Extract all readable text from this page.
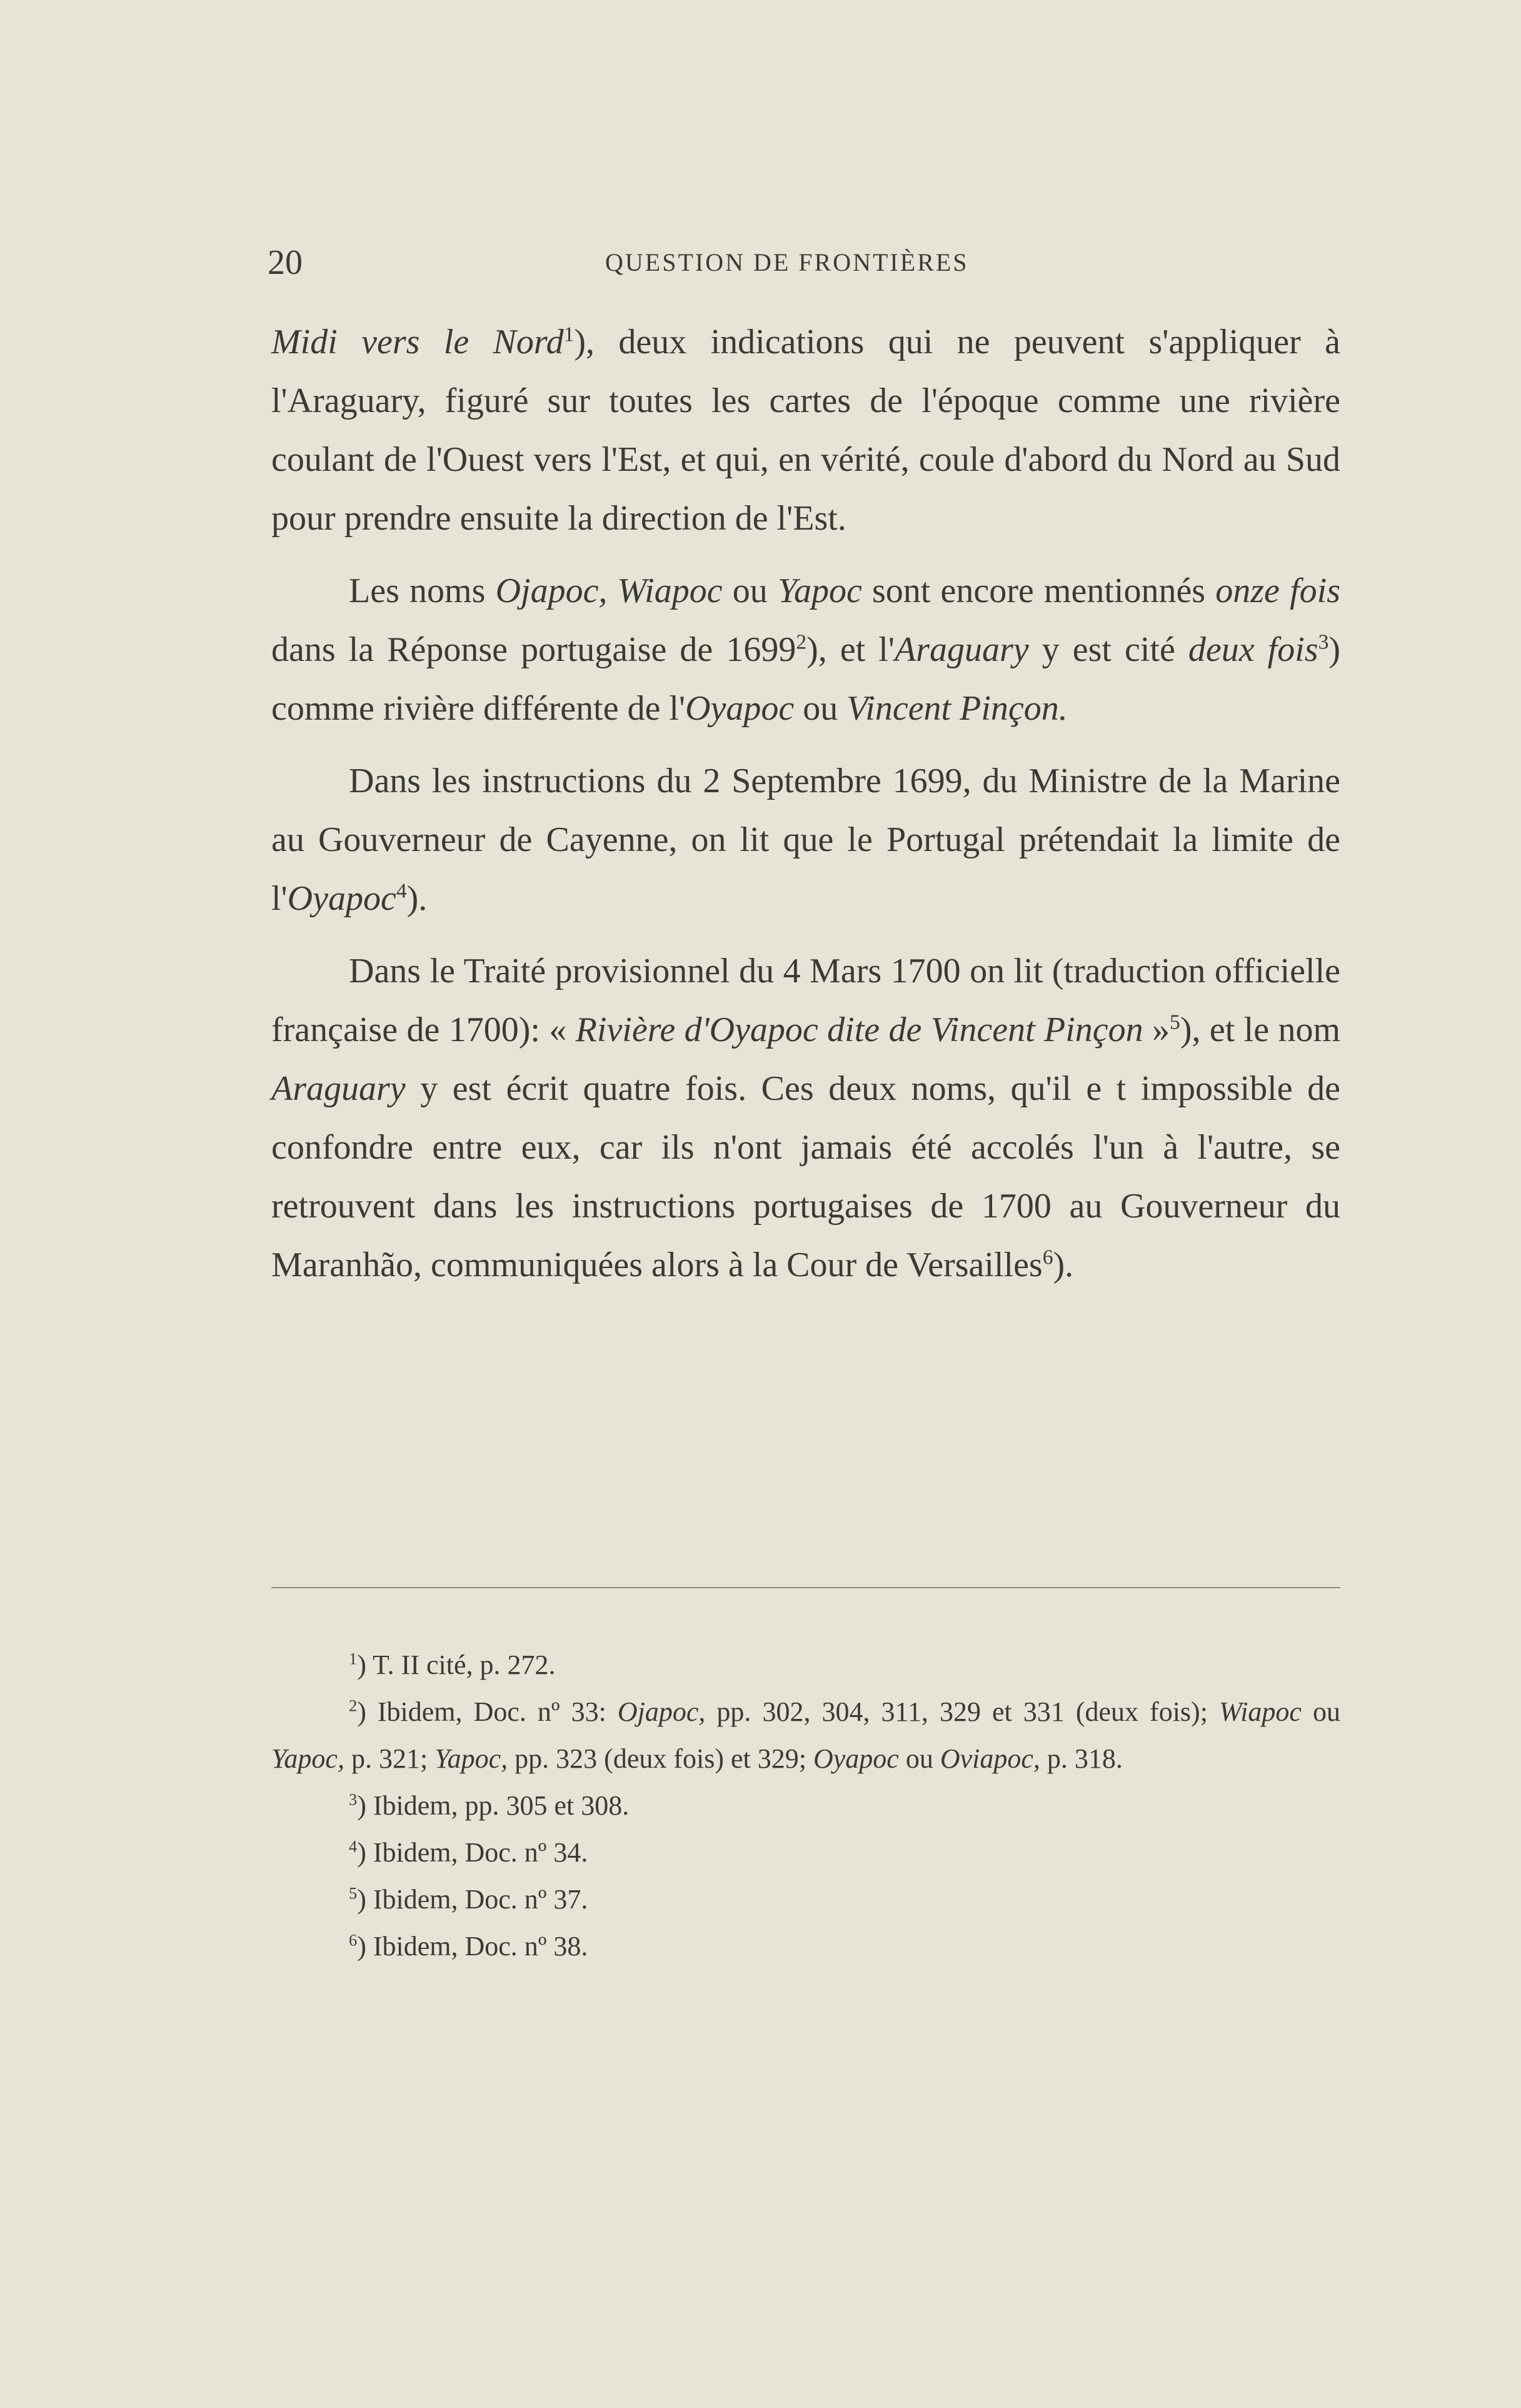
20	QUESTION DE FRONTIÈRES

Midi vers le Nord$^1$), deux indications qui ne peuvent s'appliquer à l'Araguary, figuré sur toutes les cartes de l'époque comme une rivière coulant de l'Ouest vers l'Est, et qui, en vérité, coule d'abord du Nord au Sud pour prendre ensuite la direction de l'Est.

Les noms Ojapoc, Wiapoc ou Yapoc sont encore mentionnés onze fois dans la Réponse portugaise de 1699$^2$), et l'Araguary y est cité deux fois$^3$) comme rivière différente de l'Oyapoc ou Vincent Pinçon.

Dans les instructions du 2 Septembre 1699, du Ministre de la Marine au Gouverneur de Cayenne, on lit que le Portugal prétendait la limite de l'Oyapoc$^4$).

Dans le Traité provisionnel du 4 Mars 1700 on lit (traduction officielle française de 1700): « Rivière d'Oyapoc dite de Vincent Pinçon »$^5$), et le nom Araguary y est écrit quatre fois. Ces deux noms, qu'il e t impossible de confondre entre eux, car ils n'ont jamais été accolés l'un à l'autre, se retrouvent dans les instructions portugaises de 1700 au Gouverneur du Maranhão, communiquées alors à la Cour de Versailles$^6$).

$^1$) T. II cité, p. 272.

$^2$) Ibidem, Doc. nº 33: Ojapoc, pp. 302, 304, 311, 329 et 331 (deux fois); Wiapoc ou Yapoc, p. 321; Yapoc, pp. 323 (deux fois) et 329; Oyapoc ou Oviapoc, p. 318.

$^3$) Ibidem, pp. 305 et 308.

$^4$) Ibidem, Doc. nº 34.

$^5$) Ibidem, Doc. nº 37.

$^6$) Ibidem, Doc. nº 38.
